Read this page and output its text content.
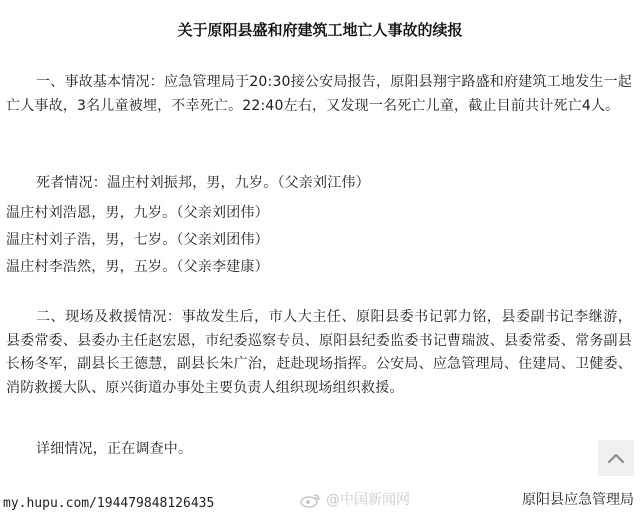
关于原阳县盛和府建筑工地亡人事故的续报

一、事故基本情况：应急管理局于20:30接公安局报告，原阳县翔宇路盛和府建筑工地发生一起亡人事故，3名儿童被埋，不幸死亡。22:40左右，又发现一名死亡儿童，截止目前共计死亡4人。

死者情况：温庄村刘振邦，男，九岁。（父亲刘江伟）
温庄村刘浩恩，男，九岁。（父亲刘团伟）
温庄村刘子浩，男，七岁。（父亲刘团伟）
温庄村李浩然，男，五岁。（父亲李建康）

二、现场及救援情况：事故发生后，市人大主任、原阳县委书记郭力铭，县委副书记李继游，县委常委、县委办主任赵宏恩，市纪委巡察专员、原阳县纪委监委书记曹瑞波、县委常委、常务副县长杨冬军，副县长王德慧，副县长朱广治，赶赴现场指挥。公安局、应急管理局、住建局、卫健委、消防救援大队、原兴街道办事处主要负责人组织现场组织救援。

详细情况，正在调查中。
my.hupu.com/194479848126435	@中国新闻网	原阳县应急管理局
